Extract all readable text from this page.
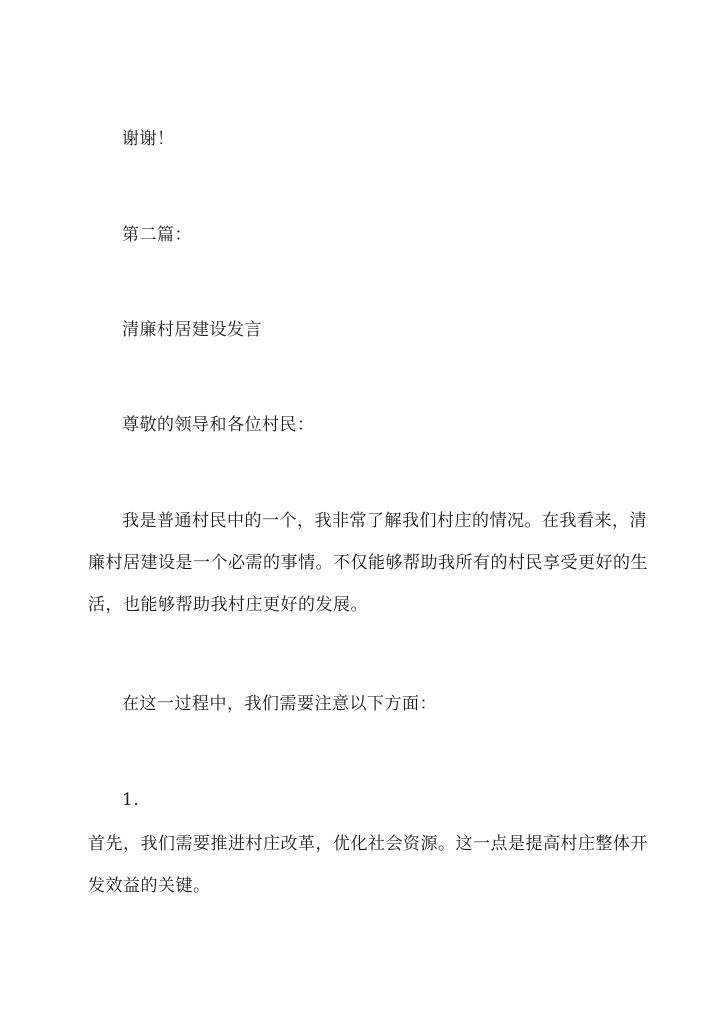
谢谢！

第二篇：

清廉村居建设发言

尊敬的领导和各位村民：

我是普通村民中的一个，我非常了解我们村庄的情况。在我看来，清
廉村居建设是一个必需的事情。不仅能够帮助我所有的村民享受更好的生
活，也能够帮助我村庄更好的发展。

在这一过程中，我们需要注意以下方面：

1.

首先，我们需要推进村庄改革，优化社会资源。这一点是提高村庄整体开
发效益的关键。
